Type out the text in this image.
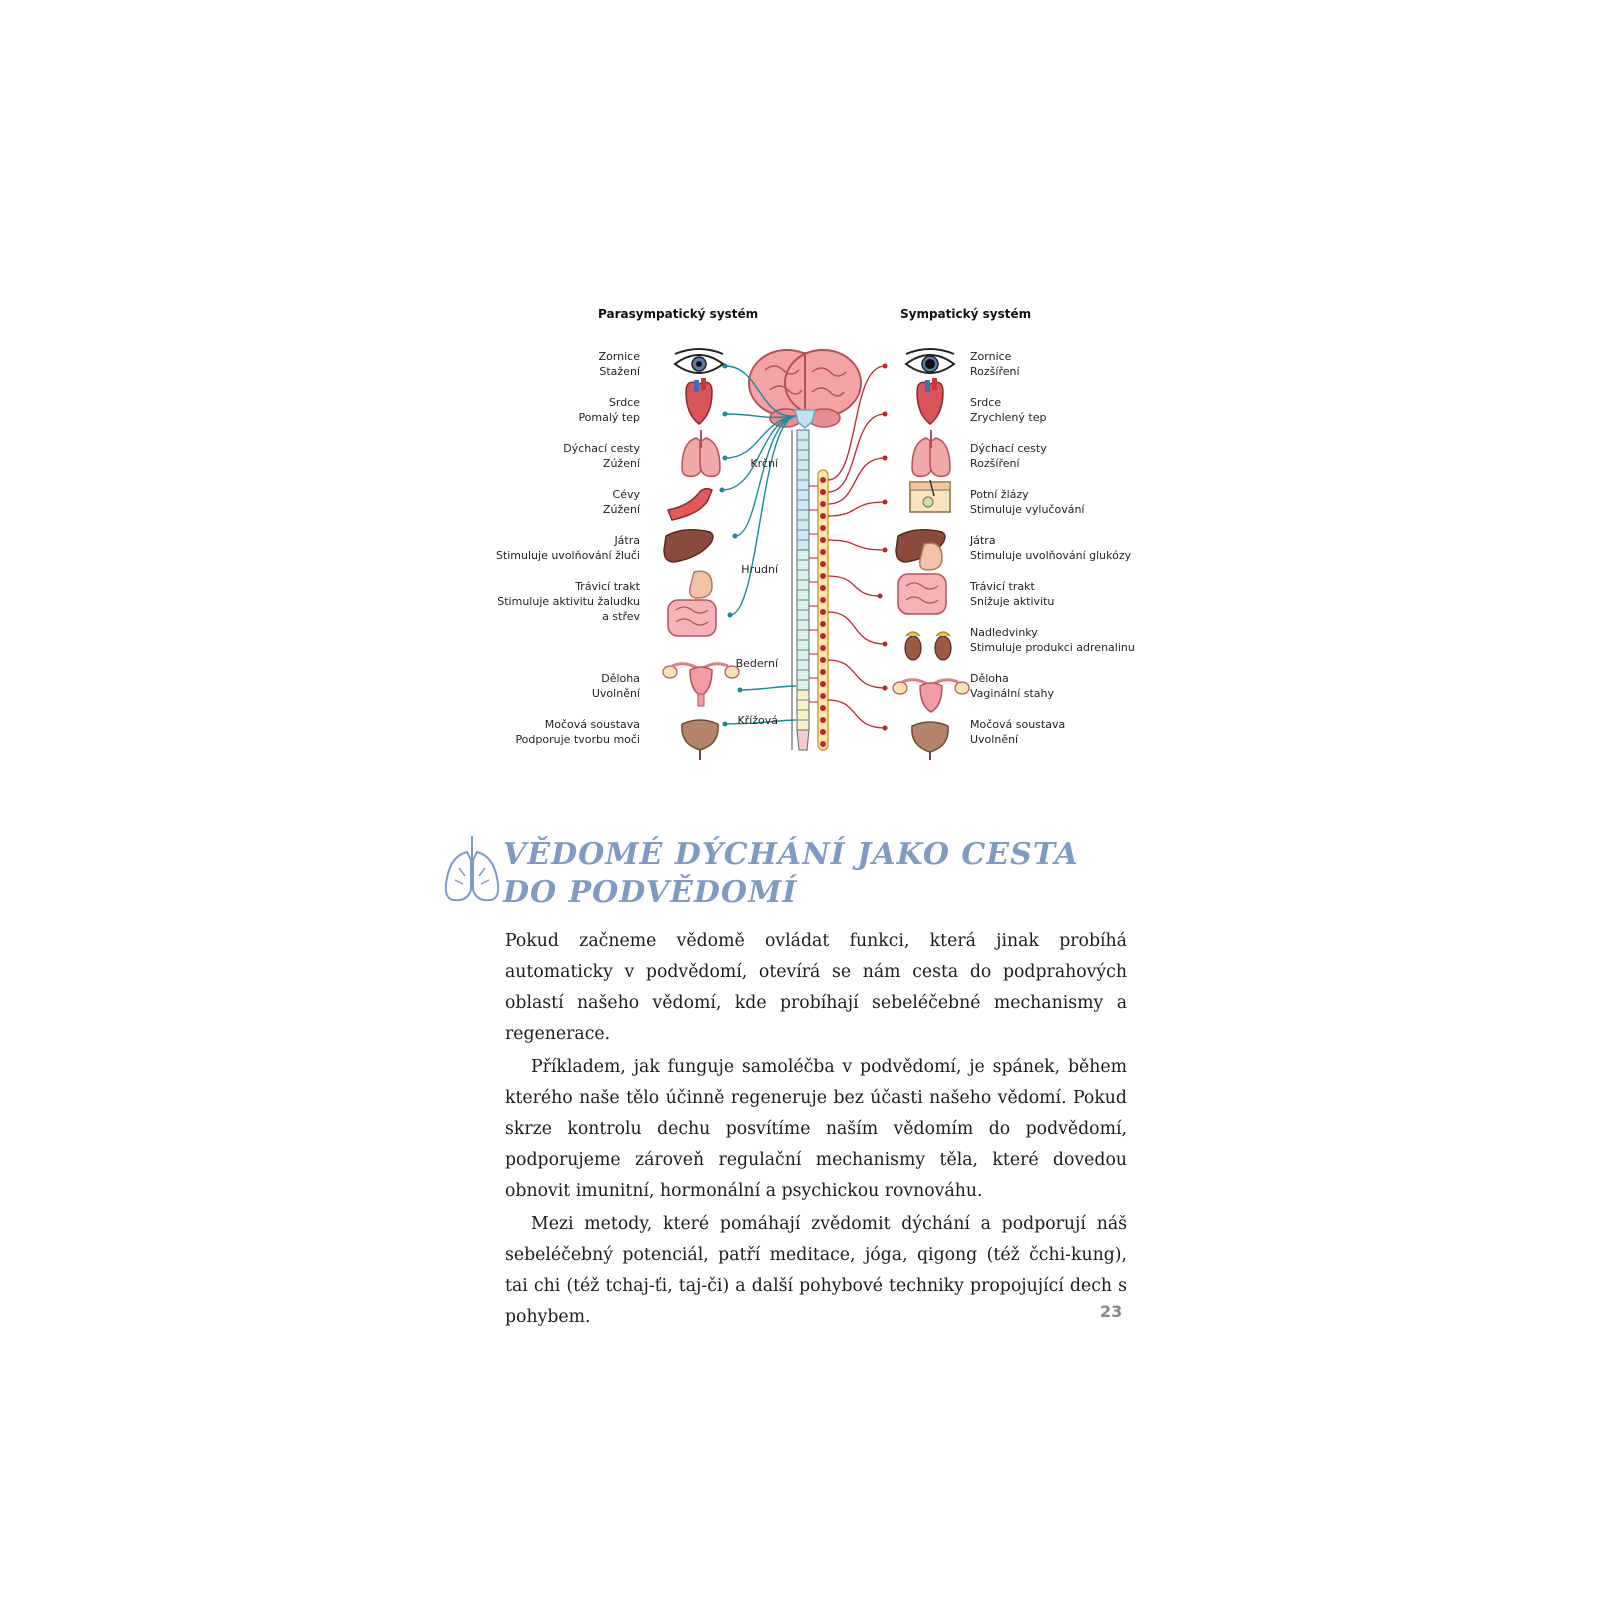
Parasympatický systém	Sympatický systém
Zornice
Stažení
Srdce
Pomalý tep
Dýchací cesty
Zúžení
Cévy
Zúžení
Játra
Stimuluje uvolňování žluči
Trávicí trakt
Stimuluje aktivitu žaludku
a střev
Děloha
Uvolnění
Močová soustava
Podporuje tvorbu moči
Zornice
Rozšíření
Srdce
Zrychlený tep
Dýchací cesty
Rozšíření
Potní žlázy
Stimuluje vylučování
Játra
Stimuluje uvolňování glukózy
Trávicí trakt
Snižuje aktivitu
Nadledvinky
Stimuluje produkci adrenalinu
Děloha
Vaginální stahy
Močová soustava
Uvolnění
Krční
Hrudní
Bederní
Křížová
VĚDOMÉ DÝCHÁNÍ JAKO CESTA
DO PODVĚDOMÍ

Pokud začneme vědomě ovládat funkci, která jinak probíhá automaticky v podvědomí, otevírá se nám cesta do podprahových oblastí našeho vědomí, kde probíhají sebeléčebné mechanismy a regenerace.

Příkladem, jak funguje samoléčba v podvědomí, je spánek, během kterého naše tělo účinně regeneruje bez účasti našeho vědomí. Pokud skrze kontrolu dechu posvítíme naším vědomím do podvědomí, podporujeme zároveň regulační mechanismy těla, které dovedou obnovit imunitní, hormonální a psychickou rovnováhu.

Mezi metody, které pomáhají zvědomit dýchání a podporují náš sebeléčebný potenciál, patří meditace, jóga, qigong (též čchi-kung), tai chi (též tchaj-ťi, taj-či) a další pohybové techniky propojující dech s pohybem.	23
